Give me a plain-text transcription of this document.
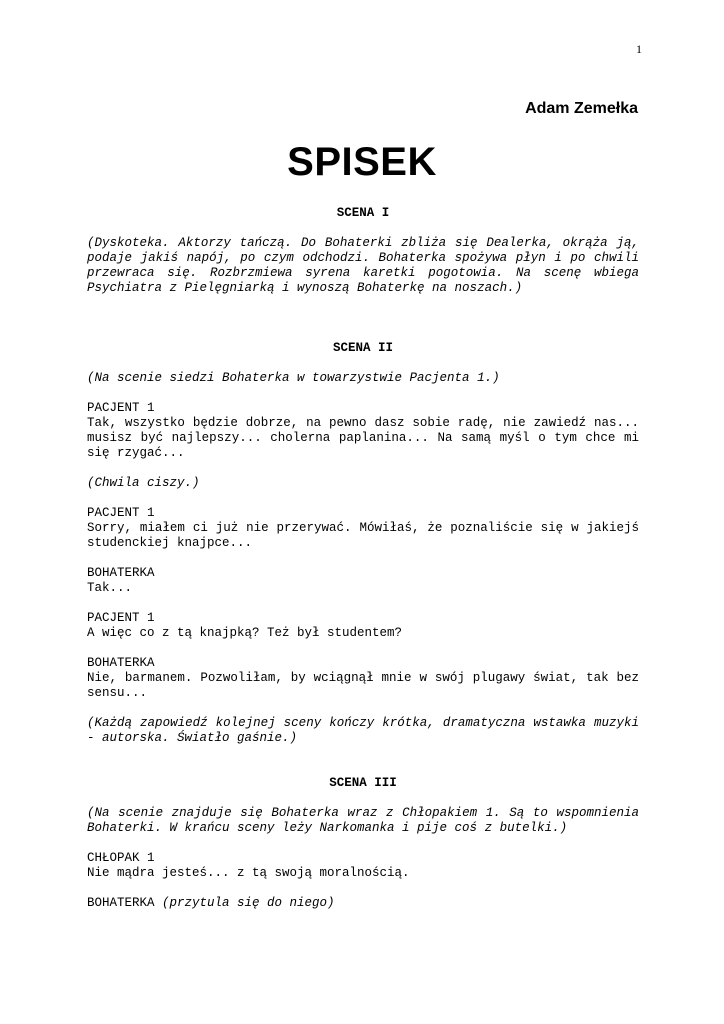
1
Adam Zemełka
SPISEK

SCENA I

(Dyskoteka. Aktorzy tańczą. Do Bohaterki zbliża się Dealerka, okrąża ją, podaje jakiś napój, po czym odchodzi. Bohaterka spożywa płyn i po chwili przewraca się. Rozbrzmiewa syrena karetki pogotowia. Na scenę wbiega Psychiatra z Pielęgniarką i wynoszą Bohaterkę na noszach.)

SCENA II

(Na scenie siedzi Bohaterka w towarzystwie Pacjenta 1.)

PACJENT 1
Tak, wszystko będzie dobrze, na pewno dasz sobie radę, nie zawiedź nas... musisz być najlepszy... cholerna paplanina... Na samą myśl o tym chce mi się rzygać...

(Chwila ciszy.)

PACJENT 1
Sorry, miałem ci już nie przerywać. Mówiłaś, że poznaliście się w jakiejś studenckiej knajpce...
BOHATERKA
Tak...
PACJENT 1
A więc co z tą knajpką? Też był studentem?
BOHATERKA
Nie, barmanem. Pozwoliłam, by wciągnął mnie w swój plugawy świat, tak bez sensu...

(Każdą zapowiedź kolejnej sceny kończy krótka, dramatyczna wstawka muzyki - autorska. Światło gaśnie.)

SCENA III

(Na scenie znajduje się Bohaterka wraz z Chłopakiem 1. Są to wspomnienia Bohaterki. W krańcu sceny leży Narkomanka i pije coś z butelki.)

CHŁOPAK 1
Nie mądra jesteś... z tą swoją moralnością.
BOHATERKA (przytula się do niego)
